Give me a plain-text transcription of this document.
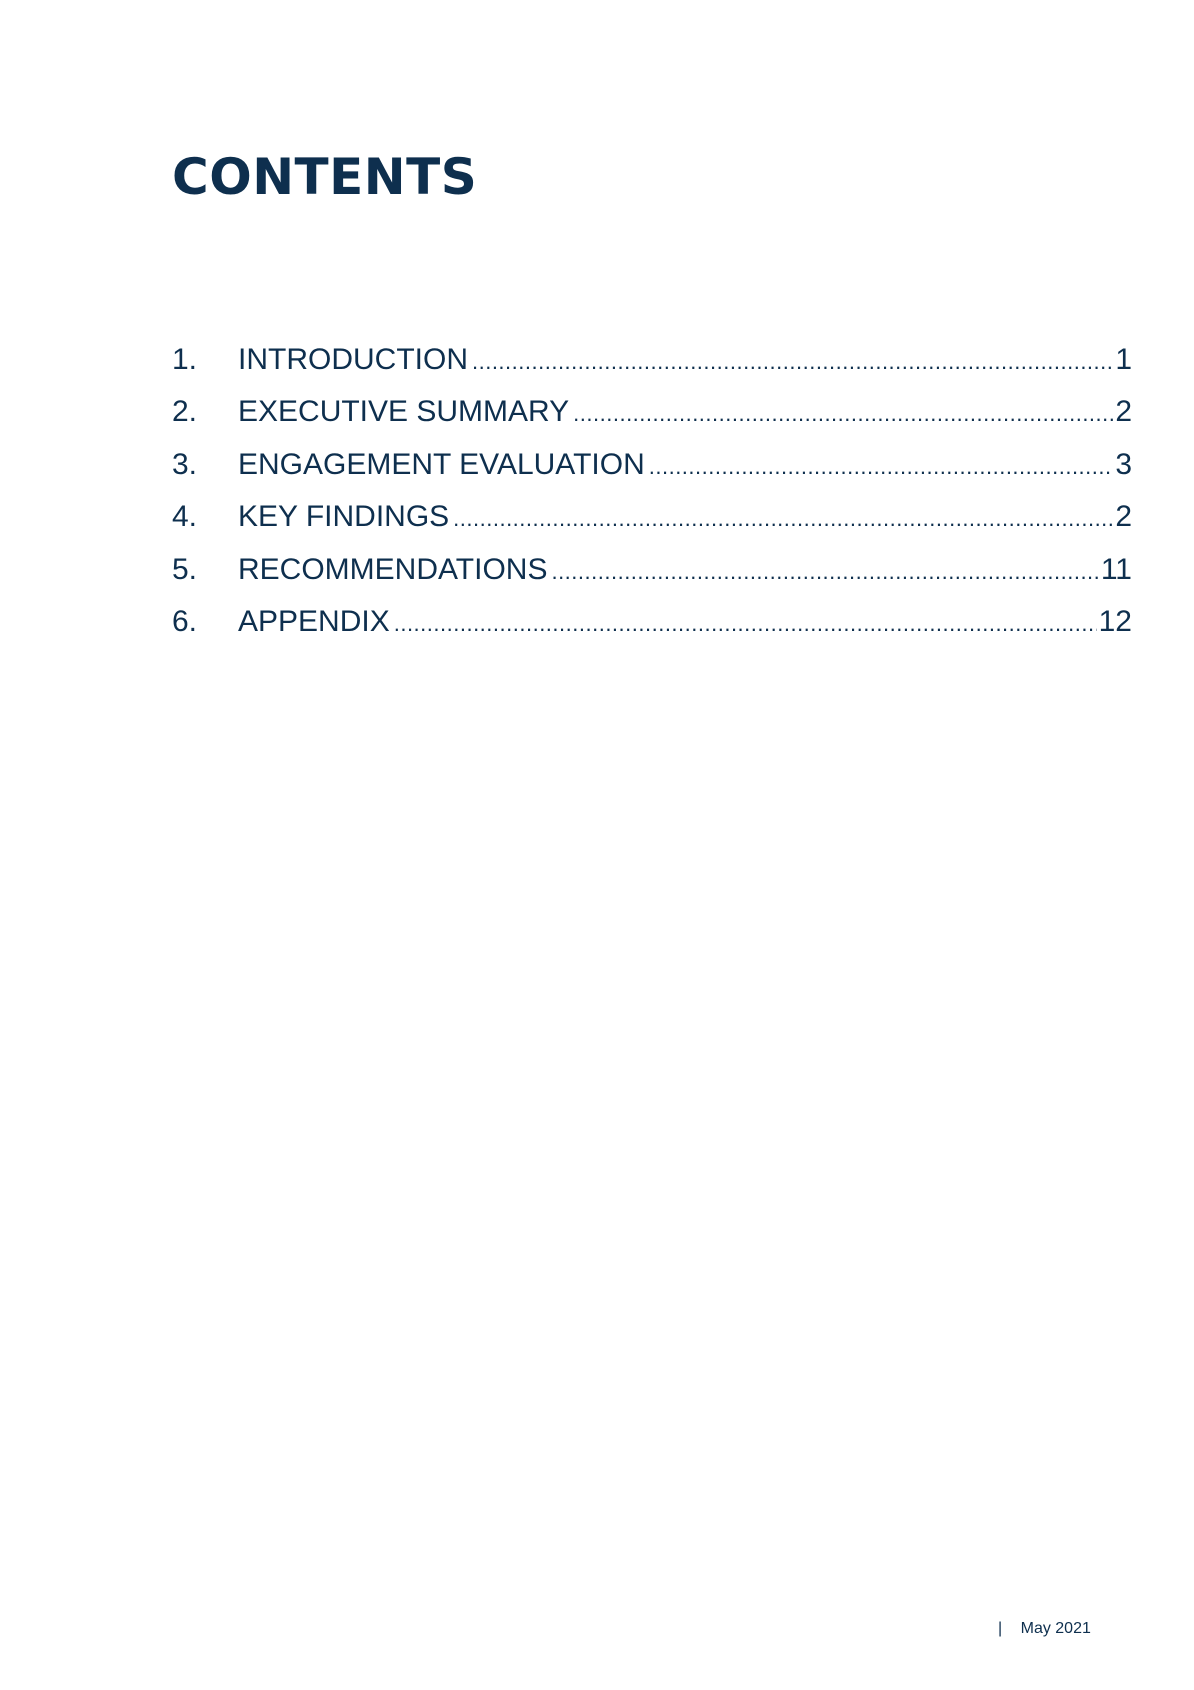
CONTENTS
1.	INTRODUCTION .....	1
2.	EXECUTIVE SUMMARY .....	2
3.	ENGAGEMENT EVALUATION .....	3
4.	KEY FINDINGS .....	2
5.	RECOMMENDATIONS .....	11
6.	APPENDIX .....	12
| May 2021
